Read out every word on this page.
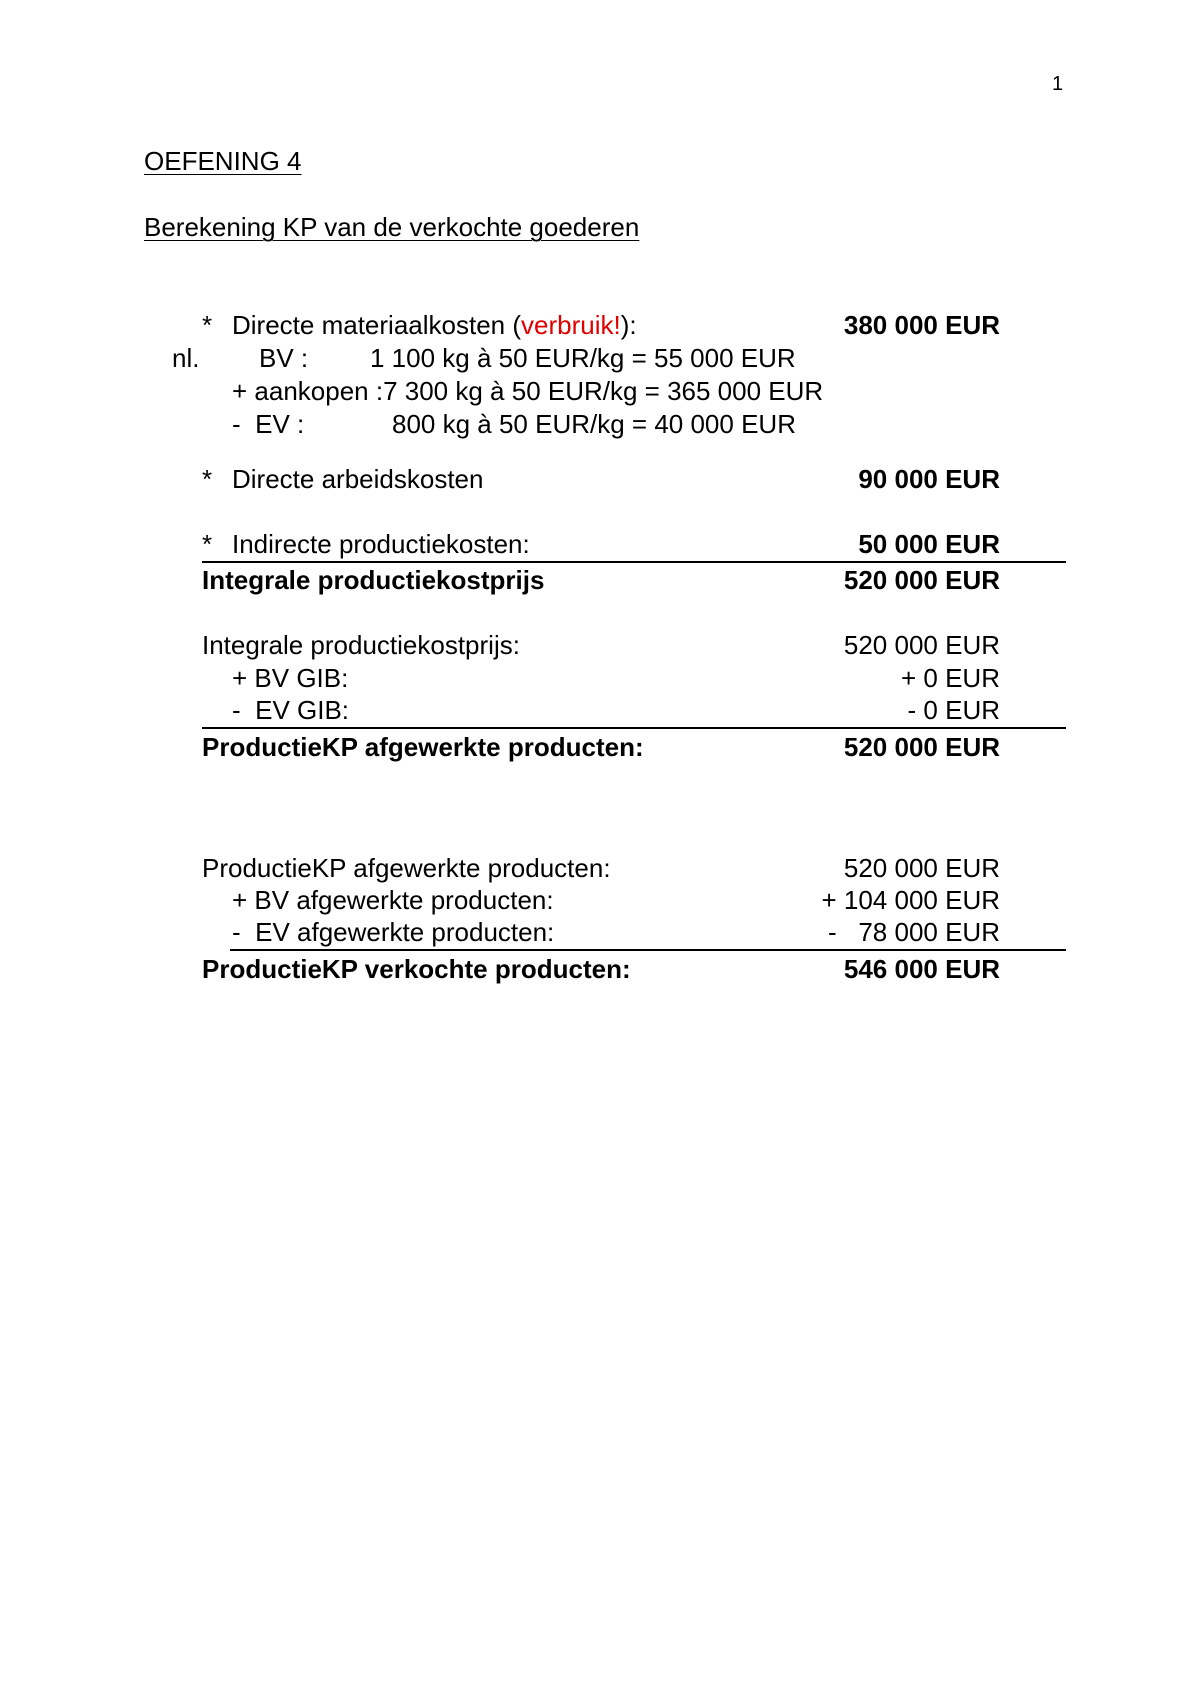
1
OEFENING 4
Berekening KP van de verkochte goederen
* Directe materiaalkosten (verbruik!):	380 000 EUR
nl. BV : 1 100 kg à 50 EUR/kg = 55 000 EUR
+ aankopen :7 300 kg à 50 EUR/kg = 365 000 EUR
-  EV :	800 kg à 50 EUR/kg = 40 000 EUR
* Directe arbeidskosten	90 000 EUR
* Indirecte productiekosten:	50 000 EUR
Integrale productiekostprijs	520 000 EUR
Integrale productiekostprijs:	520 000 EUR
+ BV GIB:	+ 0 EUR
-  EV GIB:	- 0 EUR
ProductieKP afgewerkte producten:	520 000 EUR
ProductieKP afgewerkte producten:	520 000 EUR
+ BV afgewerkte producten:	+ 104 000 EUR
-  EV afgewerkte producten:	-   78 000 EUR
ProductieKP verkochte producten:	546 000 EUR
